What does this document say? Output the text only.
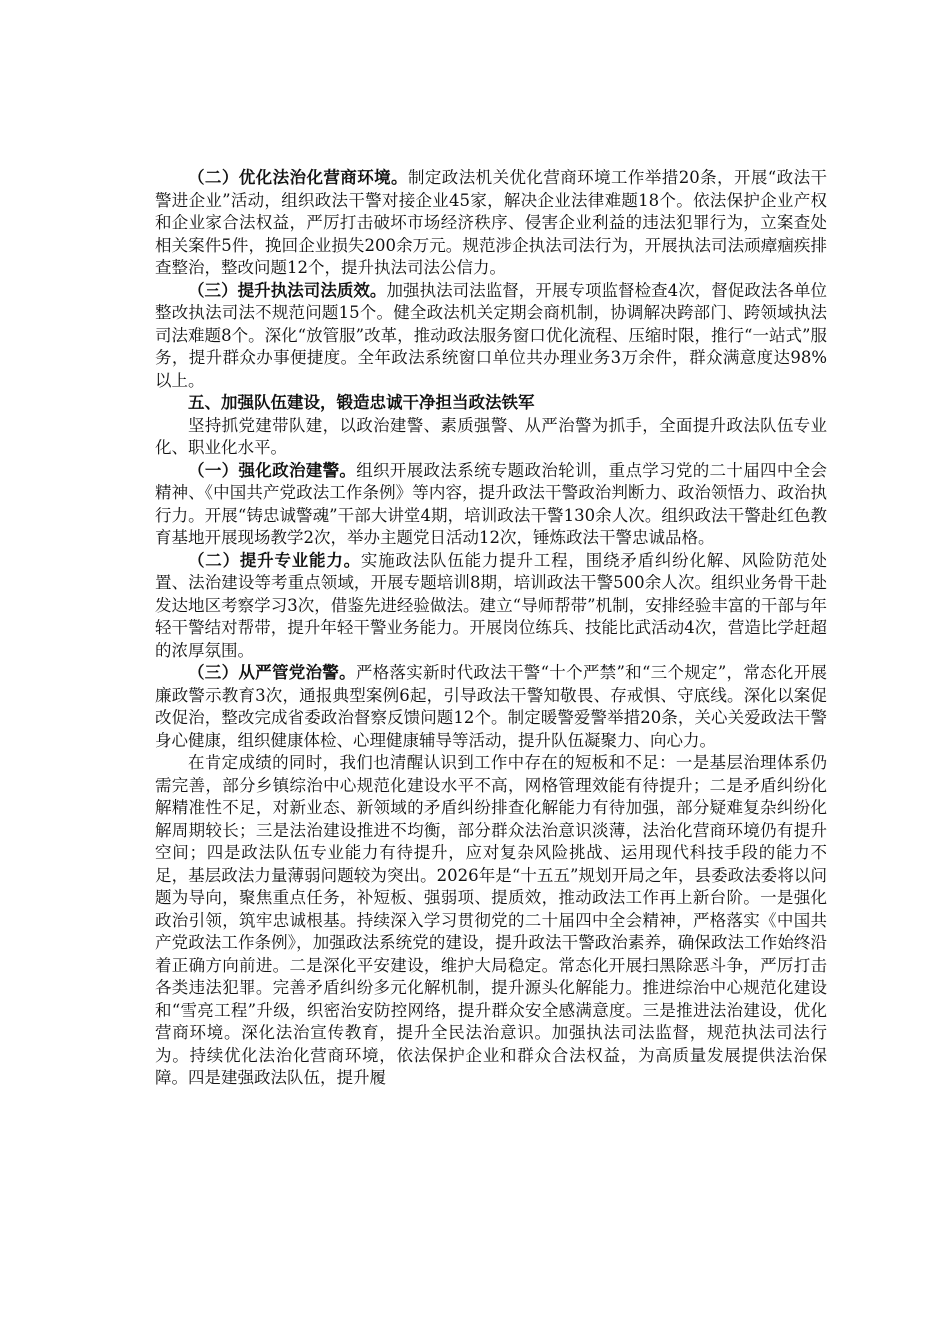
（二）优化法治化营商环境。制定政法机关优化营商环境工作举措20条，开展“政法干警进企业”活动，组织政法干警对接企业45家，解决企业法律难题18个。依法保护企业产权和企业家合法权益，严厉打击破坏市场经济秩序、侵害企业利益的违法犯罪行为，立案查处相关案件5件，挽回企业损失200余万元。规范涉企执法司法行为，开展执法司法顽瘴痼疾排查整治，整改问题12个，提升执法司法公信力。

（三）提升执法司法质效。加强执法司法监督，开展专项监督检查4次，督促政法各单位整改执法司法不规范问题15个。健全政法机关定期会商机制，协调解决跨部门、跨领域执法司法难题8个。深化“放管服”改革，推动政法服务窗口优化流程、压缩时限，推行“一站式”服务，提升群众办事便捷度。全年政法系统窗口单位共办理业务3万余件，群众满意度达98%以上。

五、加强队伍建设，锻造忠诚干净担当政法铁军

坚持抓党建带队建，以政治建警、素质强警、从严治警为抓手，全面提升政法队伍专业化、职业化水平。

（一）强化政治建警。组织开展政法系统专题政治轮训，重点学习党的二十届四中全会精神、《中国共产党政法工作条例》等内容，提升政法干警政治判断力、政治领悟力、政治执行力。开展“铸忠诚警魂”干部大讲堂4期，培训政法干警130余人次。组织政法干警赴红色教育基地开展现场教学2次，举办主题党日活动12次，锤炼政法干警忠诚品格。

（二）提升专业能力。实施政法队伍能力提升工程，围绕矛盾纠纷化解、风险防范处置、法治建设等考重点领域，开展专题培训8期，培训政法干警500余人次。组织业务骨干赴发达地区考察学习3次，借鉴先进经验做法。建立“导师帮带”机制，安排经验丰富的干部与年轻干警结对帮带，提升年轻干警业务能力。开展岗位练兵、技能比武活动4次，营造比学赶超的浓厚氛围。

（三）从严管党治警。严格落实新时代政法干警“十个严禁”和“三个规定”，常态化开展廉政警示教育3次，通报典型案例6起，引导政法干警知敬畏、存戒惧、守底线。深化以案促改促治，整改完成省委政治督察反馈问题12个。制定暖警爱警举措20条，关心关爱政法干警身心健康，组织健康体检、心理健康辅导等活动，提升队伍凝聚力、向心力。

在肯定成绩的同时，我们也清醒认识到工作中存在的短板和不足：一是基层治理体系仍需完善，部分乡镇综治中心规范化建设水平不高，网格管理效能有待提升；二是矛盾纠纷化解精准性不足，对新业态、新领域的矛盾纠纷排查化解能力有待加强，部分疑难复杂纠纷化解周期较长；三是法治建设推进不均衡，部分群众法治意识淡薄，法治化营商环境仍有提升空间；四是政法队伍专业能力有待提升，应对复杂风险挑战、运用现代科技手段的能力不足，基层政法力量薄弱问题较为突出。2026年是“十五五”规划开局之年，县委政法委将以问题为导向，聚焦重点任务，补短板、强弱项、提质效，推动政法工作再上新台阶。一是强化政治引领，筑牢忠诚根基。持续深入学习贯彻党的二十届四中全会精神，严格落实《中国共产党政法工作条例》，加强政法系统党的建设，提升政法干警政治素养，确保政法工作始终沿着正确方向前进。二是深化平安建设，维护大局稳定。常态化开展扫黑除恶斗争，严厉打击各类违法犯罪。完善矛盾纠纷多元化解机制，提升源头化解能力。推进综治中心规范化建设和“雪亮工程”升级，织密治安防控网络，提升群众安全感满意度。三是推进法治建设，优化营商环境。深化法治宣传教育，提升全民法治意识。加强执法司法监督，规范执法司法行为。持续优化法治化营商环境，依法保护企业和群众合法权益，为高质量发展提供法治保障。四是建强政法队伍，提升履
